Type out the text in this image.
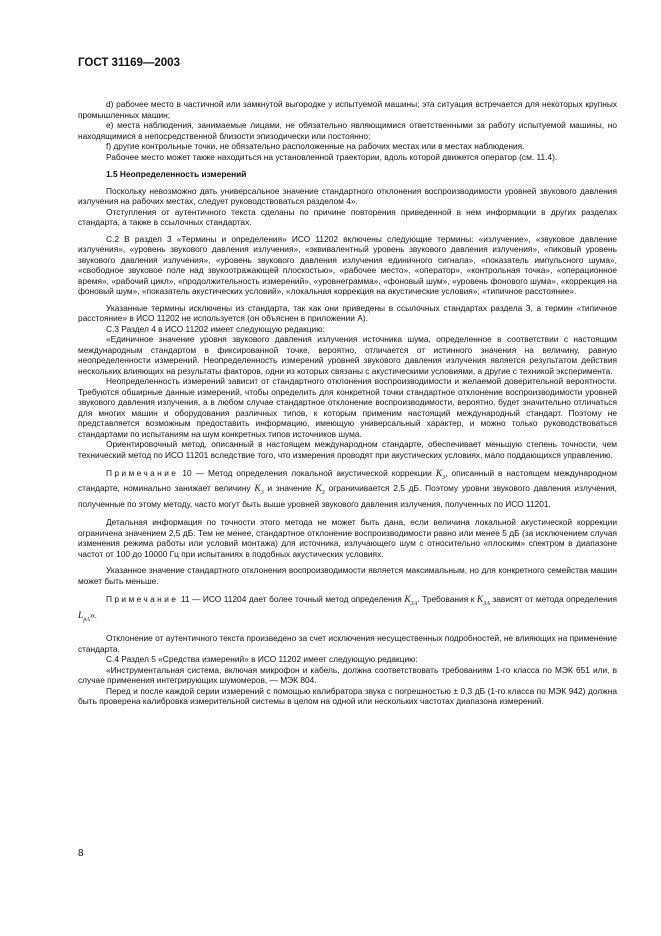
ГОСТ 31169—2003

d) рабочее место в частичной или замкнутой выгородке у испытуемой машины; эта ситуация встречается для некоторых крупных промышленных машин;

e) места наблюдения, занимаемые лицами, не обязательно являющимися ответственными за работу испытуемой машины, но находящимися в непосредственной близости эпизодически или постоянно;

f) другие контрольные точки, не обязательно расположенные на рабочих местах или в местах наблюдения.

Рабочее место может также находиться на установленной траектории, вдоль которой движется оператор (см. 11.4).

1.5 Неопределенность измерений

Поскольку невозможно дать универсальное значение стандартного отклонения воспроизводимости уровней звукового давления излучения на рабочих местах, следует руководствоваться разделом 4».

Отступления от аутентичного текста сделаны по причине повторения приведенной в нем информации в других разделах стандарта, а также в ссылочных стандартах.

С.2 В раздел 3 «Термины и определения» ИСО 11202 включены следующие термины: «излучение», «звуковое давление излучения», «уровень звукового давления излучения», «эквивалентный уровень звукового давления излучения», «пиковый уровень звукового давления излучения», «уровень звукового давления излучения единичного сигнала», «показатель импульсного шума», «свободное звуковое поле над звукоотражающей плоскостью», «рабочее место», «оператор», «контрольная точка», «операционное время», «рабочий цикл», «продолжительность измерений», «уровнеграмма», «фоновый шум», «уровень фонового шума», «коррекция на фоновый шум», «показатель акустических условий», «локальная коррекция на акустические условия», «типичное расстояние».

Указанные термины исключены из стандарта, так как они приведены в ссылочных стандартах раздела 3, а термин «типичное расстояние» в ИСО 11202 не используется (он объяснен в приложении А).

С.3 Раздел 4 в ИСО 11202 имеет следующую редакцию:

«Единичное значение уровня звукового давления излучения источника шума, определенное в соответствии с настоящим международным стандартом в фиксированной точке, вероятно, отличается от истинного значения на величину, равную неопределенности измерений. Неопределенность измерений уровней звукового давления излучения является результатом действия нескольких влияющих на результаты факторов, одни из которых связаны с акустическими условиями, а другие с техникой эксперимента.

Неопределенность измерений зависит от стандартного отклонения воспроизводимости и желаемой доверительной вероятности. Требуются обширные данные измерений, чтобы определить для конкретной точки стандартное отклонение воспроизводимости уровней звукового давления излучения, а в любом случае стандартное отклонение воспроизводимости, вероятно, будет значительно отличаться для многих машин и оборудования различных типов, к которым применим настоящий международный стандарт. Поэтому не представляется возможным предоставить информацию, имеющую универсальный характер, и можно только руководствоваться стандартами по испытаниям на шум конкретных типов источников шума.

Ориентировочный метод, описанный в настоящем международном стандарте, обеспечивает меньшую степень точности, чем технический метод по ИСО 11201 вследствие того, что измерения проводят при акустических условиях, мало поддающихся управлению.

Примечание 10 — Метод определения локальной акустической коррекции $K_3$, описанный в настоящем международном стандарте, номинально занижает величину $K_3$ и значение $K_3$ ограничивается 2,5 дБ. Поэтому уровни звукового давления излучения, полученные по этому методу, часто могут быть выше уровней звукового давления излучения, полученных по ИСО 11201.

Детальная информация по точности этого метода не может быть дана, если величина локальной акустической коррекции ограничена значением 2,5 дБ. Тем не менее, стандартное отклонение воспроизводимости равно или менее 5 дБ (за исключением случая изменения режима работы или условий монтажа) для источника, излучающего шум с относительно «плоским» спектром в диапазоне частот от 100 до 10000 Гц при испытаниях в подобных акустических условиях.

Указанное значение стандартного отклонения воспроизводимости является максимальным, но для конкретного семейства машин может быть меньше.

Примечание 11 — ИСО 11204 дает более точный метод определения $K_{3A}$. Требования к $K_{3A}$ зависят от метода определения $L_{pA}$».

Отклонение от аутентичного текста произведено за счет исключения несущественных подробностей, не влияющих на применение стандарта.

С.4 Раздел 5 «Средства измерений» в ИСО 11202 имеет следующую редакцию:

«Инструментальная система, включая микрофон и кабель, должна соответствовать требованиям 1-го класса по МЭК 651 или, в случае применения интегрирующих шумомеров, — МЭК 804.

Перед и после каждой серии измерений с помощью калибратора звука с погрешностью ± 0,3 дБ (1-го класса по МЭК 942) должна быть проверена калибровка измерительной системы в целом на одной или нескольких частотах диапазона измерений.

8
